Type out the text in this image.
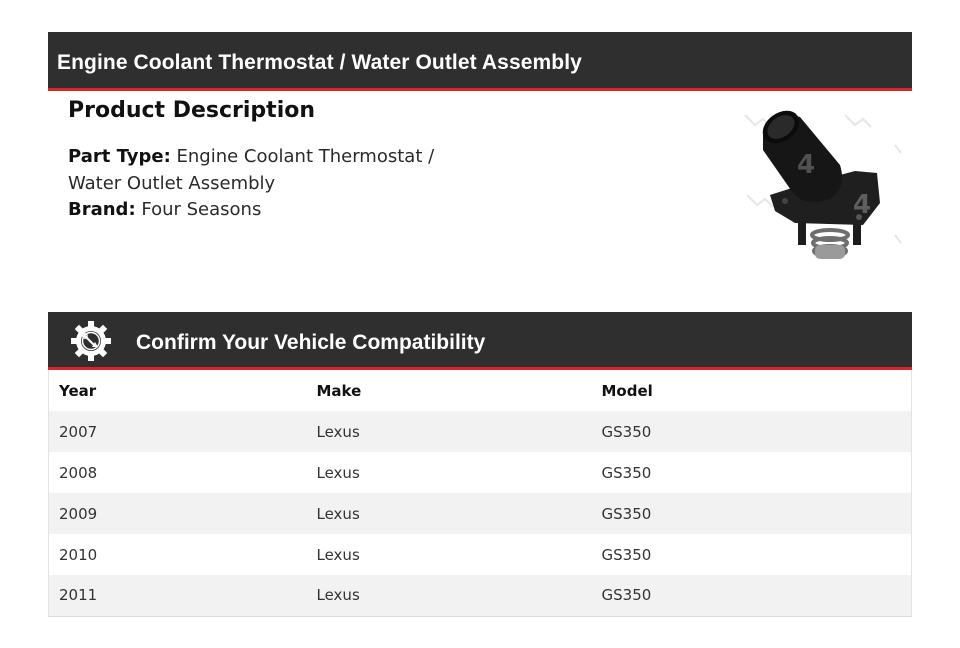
Engine Coolant Thermostat / Water Outlet Assembly
Product Description
Part Type: Engine Coolant Thermostat / Water Outlet Assembly
Brand: Four Seasons
4
4
Confirm Your Vehicle Compatibility
Year	Make	Model
2007	Lexus	GS350
2008	Lexus	GS350
2009	Lexus	GS350
2010	Lexus	GS350
2011	Lexus	GS350
